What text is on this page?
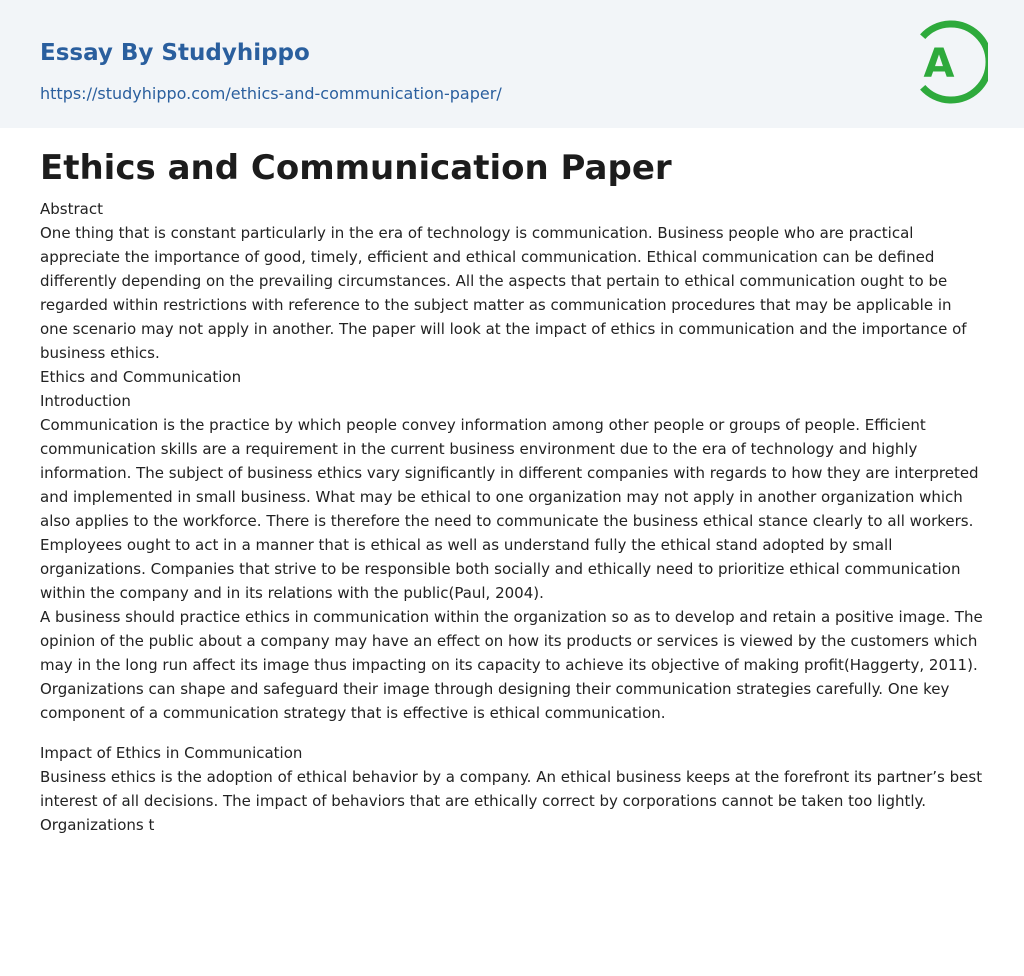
Essay By Studyhippo
https://studyhippo.com/ethics-and-communication-paper/
A
Ethics and Communication Paper
Abstract

One thing that is constant particularly in the era of technology is communication. Business people who are practical appreciate the importance of good, timely, efficient and ethical communication. Ethical communication can be defined differently depending on the prevailing circumstances. All the aspects that pertain to ethical communication ought to be regarded within restrictions with reference to the subject matter as communication procedures that may be applicable in one scenario may not apply in another. The paper will look at the impact of ethics in communication and the importance of business ethics.

Ethics and Communication
Introduction

Communication is the practice by which people convey information among other people or groups of people. Efficient communication skills are a requirement in the current business environment due to the era of technology and highly information. The subject of business ethics vary significantly in different companies with regards to how they are interpreted and implemented in small business. What may be ethical to one organization may not apply in another organization which also applies to the workforce. There is therefore the need to communicate the business ethical stance clearly to all workers. Employees ought to act in a manner that is ethical as well as understand fully the ethical stand adopted by small organizations. Companies that strive to be responsible both socially and ethically need to prioritize ethical communication within the company and in its relations with the public(Paul, 2004).

A business should practice ethics in communication within the organization so as to develop and retain a positive image. The opinion of the public about a company may have an effect on how its products or services is viewed by the customers which may in the long run affect its image thus impacting on its capacity to achieve its objective of making profit(Haggerty, 2011). Organizations can shape and safeguard their image through designing their communication strategies carefully. One key component of a communication strategy that is effective is ethical communication.

Impact of Ethics in Communication

Business ethics is the adoption of ethical behavior by a company. An ethical business keeps at the forefront its partner’s best interest of all decisions. The impact of behaviors that are ethically correct by corporations cannot be taken too lightly. Organizations t
